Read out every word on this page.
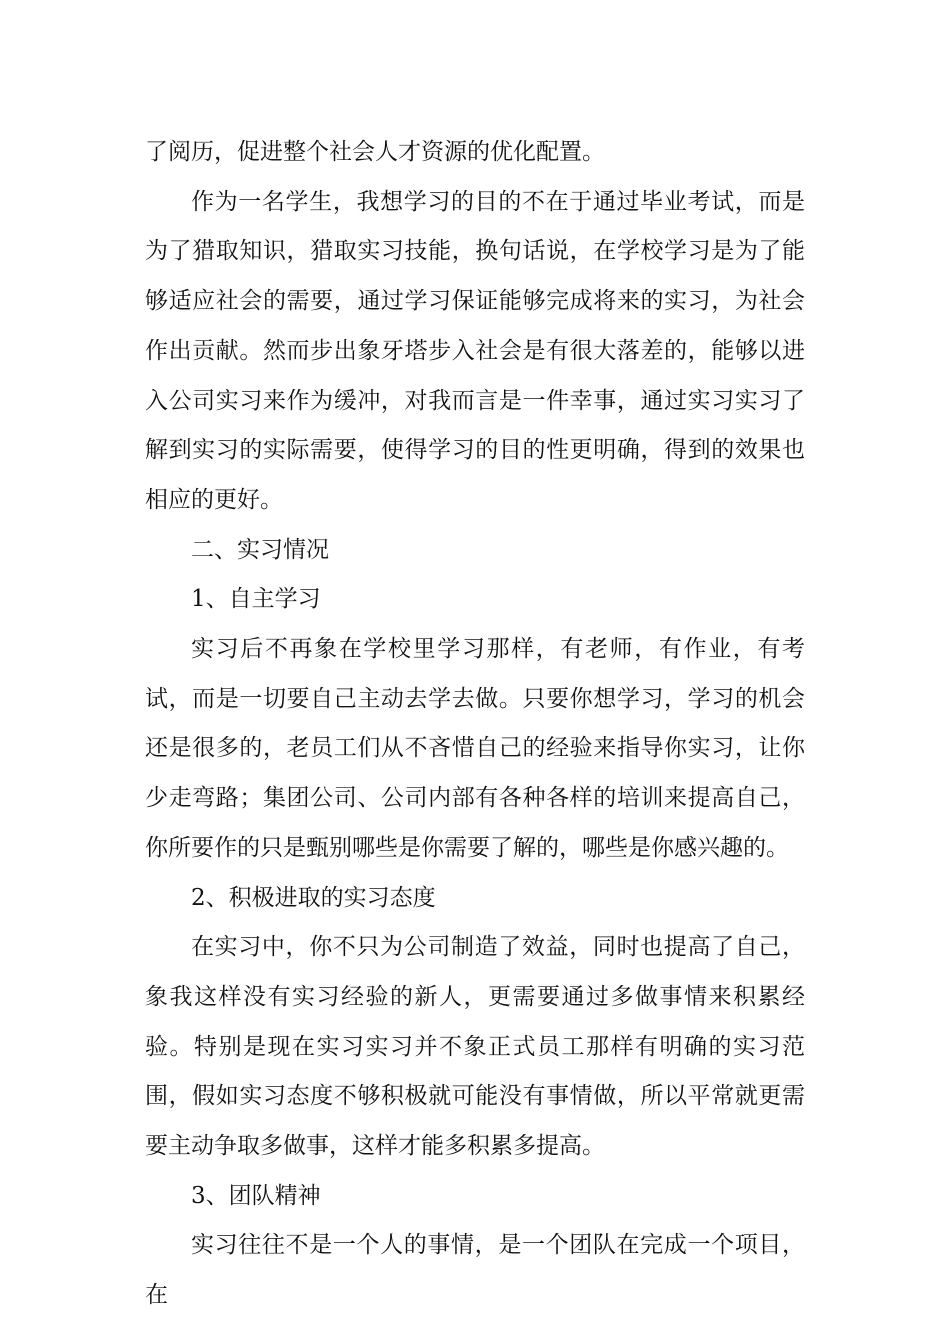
了阅历，促进整个社会人才资源的优化配置。

作为一名学生，我想学习的目的不在于通过毕业考试，而是为了猎取知识，猎取实习技能，换句话说，在学校学习是为了能够适应社会的需要，通过学习保证能够完成将来的实习，为社会作出贡献。然而步出象牙塔步入社会是有很大落差的，能够以进入公司实习来作为缓冲，对我而言是一件幸事，通过实习实习了解到实习的实际需要，使得学习的目的性更明确，得到的效果也相应的更好。

二、实习情况

1、自主学习

实习后不再象在学校里学习那样，有老师，有作业，有考试，而是一切要自己主动去学去做。只要你想学习，学习的机会还是很多的，老员工们从不吝惜自己的经验来指导你实习，让你少走弯路；集团公司、公司内部有各种各样的培训来提高自己，你所要作的只是甄别哪些是你需要了解的，哪些是你感兴趣的。

2、积极进取的实习态度

在实习中，你不只为公司制造了效益，同时也提高了自己，象我这样没有实习经验的新人，更需要通过多做事情来积累经验。特别是现在实习实习并不象正式员工那样有明确的实习范围，假如实习态度不够积极就可能没有事情做，所以平常就更需要主动争取多做事，这样才能多积累多提高。

3、团队精神

实习往往不是一个人的事情，是一个团队在完成一个项目，在
